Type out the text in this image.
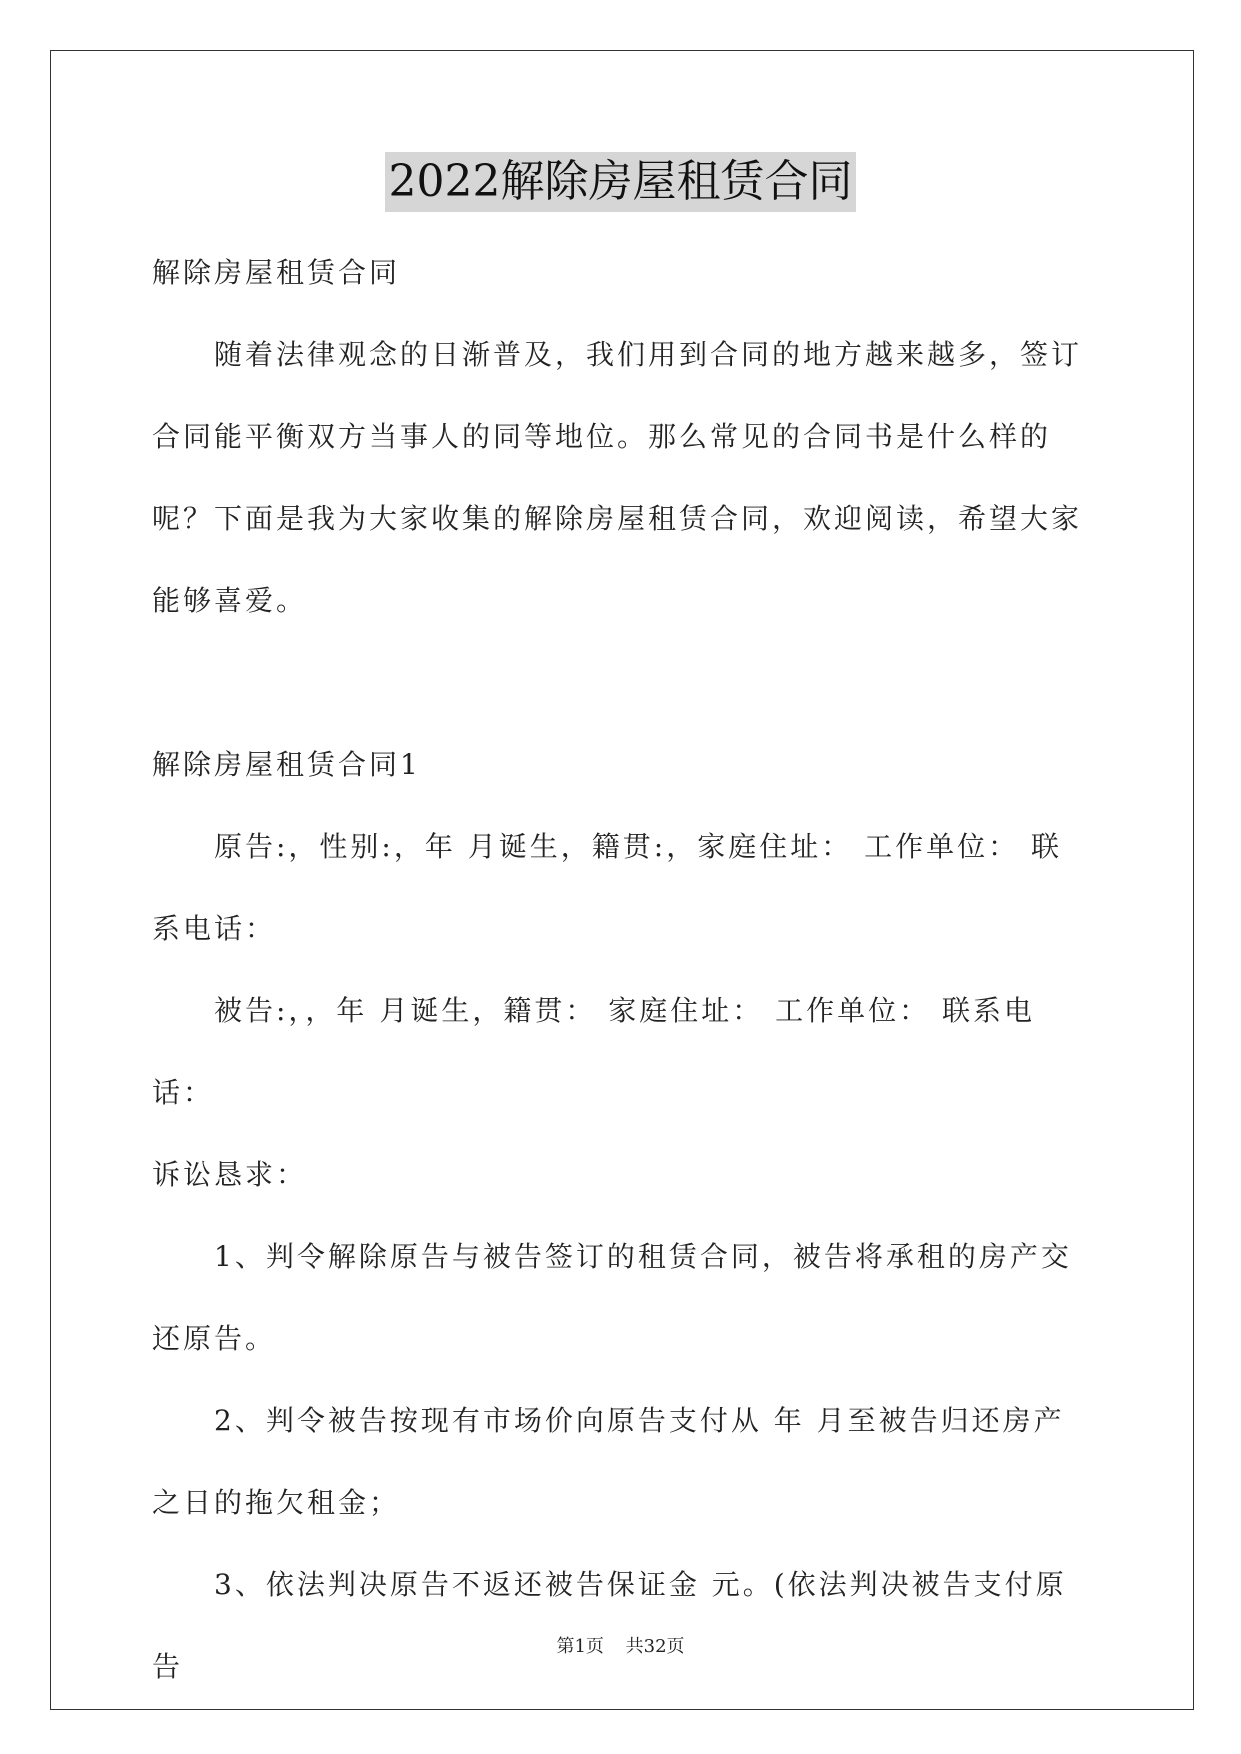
2022解除房屋租赁合同

解除房屋租赁合同

随着法律观念的日渐普及，我们用到合同的地方越来越多，签订合同能平衡双方当事人的同等地位。那么常见的合同书是什么样的呢？下面是我为大家收集的解除房屋租赁合同，欢迎阅读，希望大家能够喜爱。

解除房屋租赁合同1

原告:，性别:，年 月诞生，籍贯:，家庭住址： 工作单位： 联系电话：

被告:，，年 月诞生，籍贯： 家庭住址： 工作单位： 联系电话：

诉讼恳求：

1、判令解除原告与被告签订的租赁合同，被告将承租的房产交还原告。

2、判令被告按现有市场价向原告支付从 年 月至被告归还房产之日的拖欠租金；

3、依法判决原告不返还被告保证金 元。(依法判决被告支付原告

第1页 共32页
